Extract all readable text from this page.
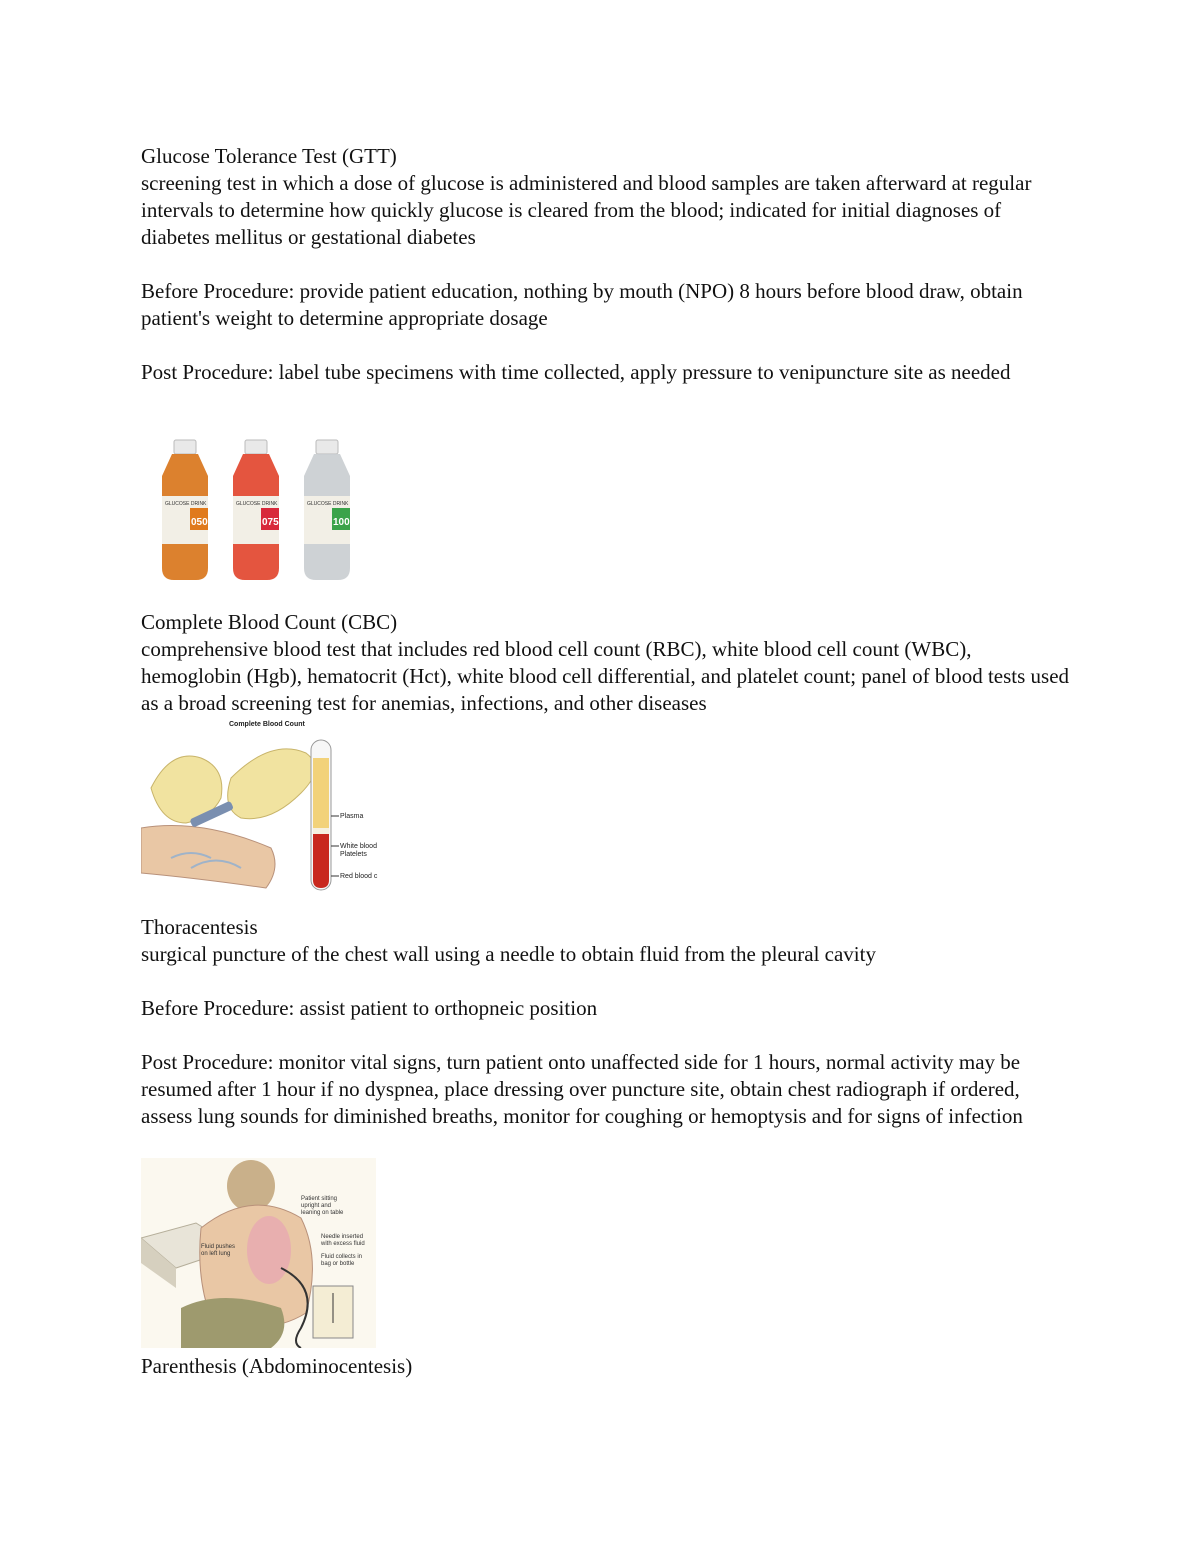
Glucose Tolerance Test (GTT)

screening test in which a dose of glucose is administered and blood samples are taken afterward at regular intervals to determine how quickly glucose is cleared from the blood; indicated for initial diagnoses of diabetes mellitus or gestational diabetes

Before Procedure: provide patient education, nothing by mouth (NPO) 8 hours before blood draw, obtain patient's weight to determine appropriate dosage

Post Procedure: label tube specimens with time collected, apply pressure to venipuncture site as needed

GLUCOSE DRINK
050
GLUCOSE DRINK
075
GLUCOSE DRINK
100

Complete Blood Count (CBC)

comprehensive blood test that includes red blood cell count (RBC), white blood cell count (WBC), hemoglobin (Hgb), hematocrit (Hct), white blood cell differential, and platelet count; panel of blood tests used as a broad screening test for anemias, infections, and other diseases

Complete Blood Count
Plasma
White blood
Platelets
Red blood c

Thoracentesis

surgical puncture of the chest wall using a needle to obtain fluid from the pleural cavity

Before Procedure: assist patient to orthopneic position

Post Procedure: monitor vital signs, turn patient onto unaffected side for 1 hours, normal activity may be resumed after 1 hour if no dyspnea, place dressing over puncture site, obtain chest radiograph if ordered, assess lung sounds for diminished breaths, monitor for coughing or hemoptysis and for signs of infection

Patient sitting
upright and
leaning on table
Needle inserted
with excess fluid
Fluid pushes
on left lung	Fluid collects in
bag or bottle

Parenthesis (Abdominocentesis)
